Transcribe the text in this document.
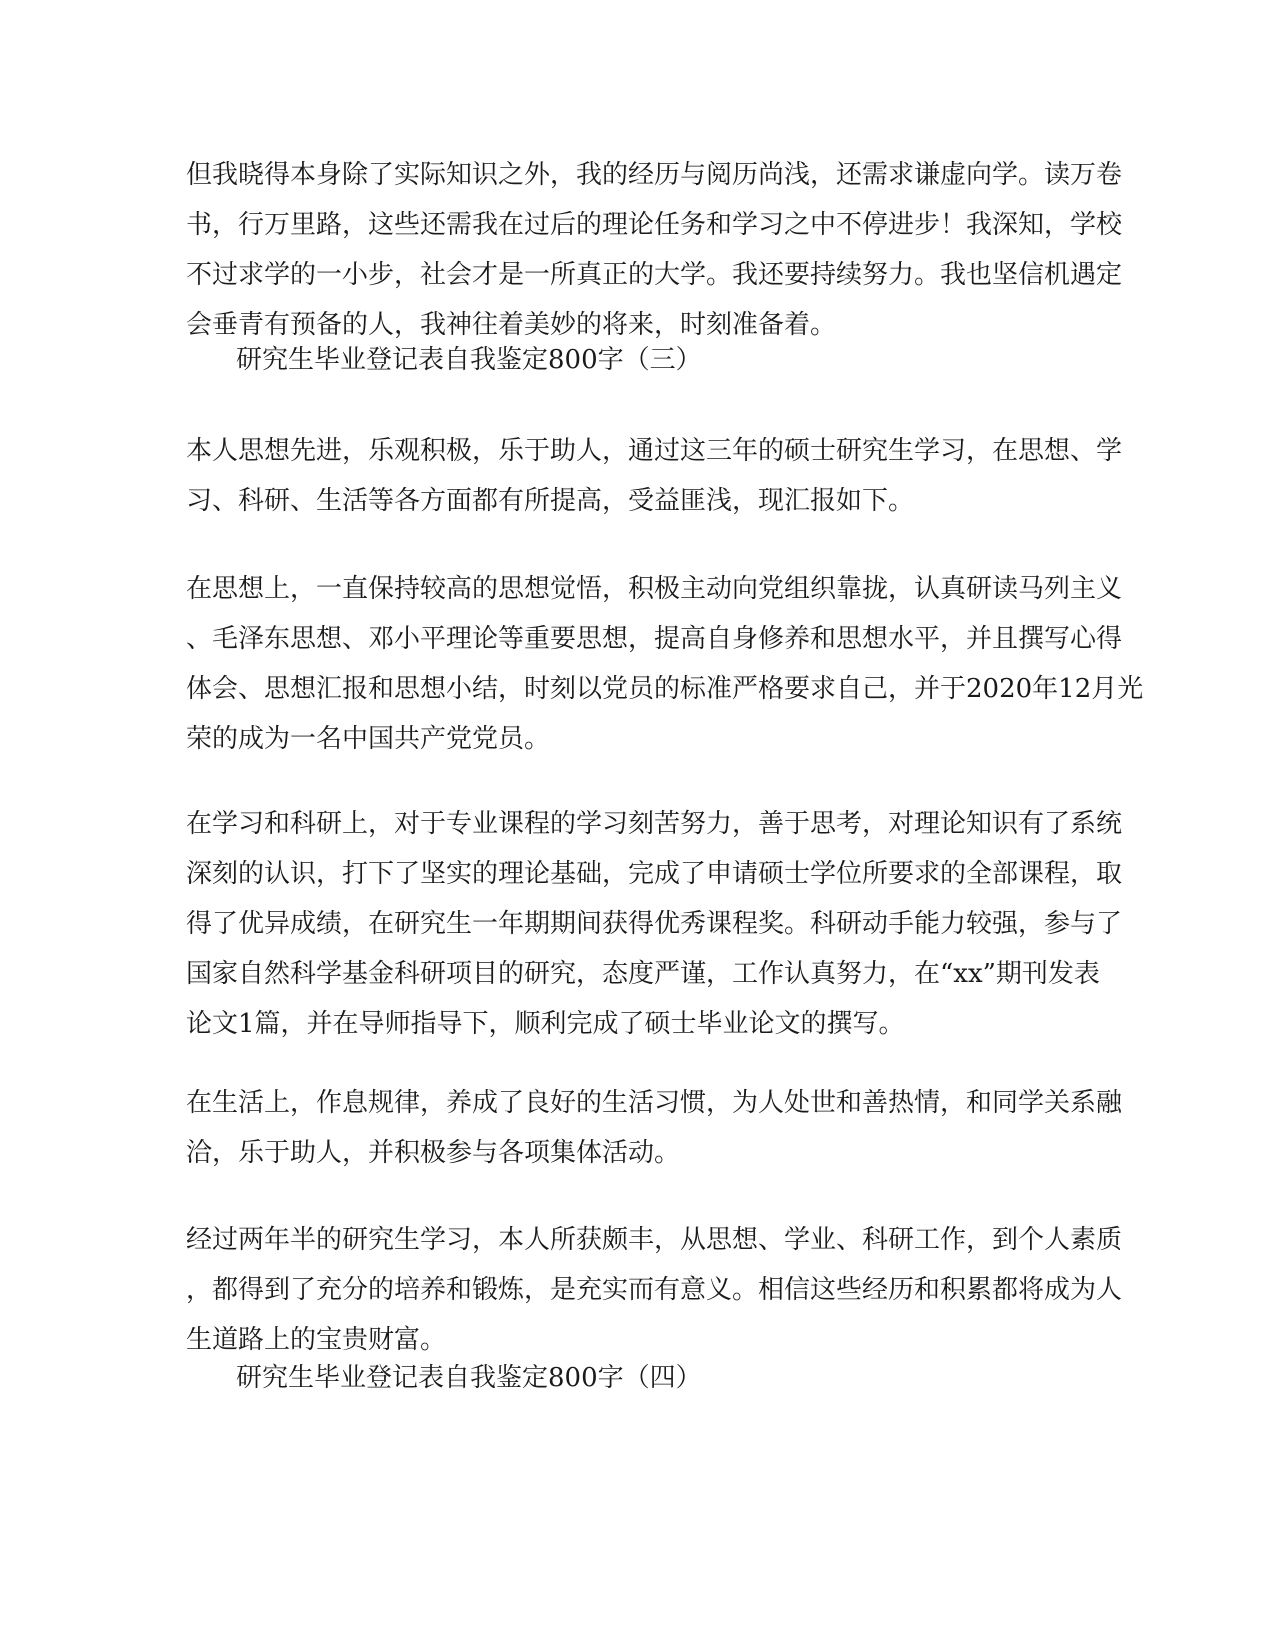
但我晓得本身除了实际知识之外，我的经历与阅历尚浅，还需求谦虚向学。读万卷
书，行万里路，这些还需我在过后的理论任务和学习之中不停进步！我深知，学校
不过求学的一小步，社会才是一所真正的大学。我还要持续努力。我也坚信机遇定
会垂青有预备的人，我神往着美妙的将来，时刻准备着。
研究生毕业登记表自我鉴定800字（三）
本人思想先进，乐观积极，乐于助人，通过这三年的硕士研究生学习，在思想、学
习、科研、生活等各方面都有所提高，受益匪浅，现汇报如下。
在思想上，一直保持较高的思想觉悟，积极主动向党组织靠拢，认真研读马列主义
、毛泽东思想、邓小平理论等重要思想，提高自身修养和思想水平，并且撰写心得
体会、思想汇报和思想小结，时刻以党员的标准严格要求自己，并于2020年12月光
荣的成为一名中国共产党党员。
在学习和科研上，对于专业课程的学习刻苦努力，善于思考，对理论知识有了系统
深刻的认识，打下了坚实的理论基础，完成了申请硕士学位所要求的全部课程，取
得了优异成绩，在研究生一年期期间获得优秀课程奖。科研动手能力较强，参与了
国家自然科学基金科研项目的研究，态度严谨，工作认真努力，在“xx”期刊发表
论文1篇，并在导师指导下，顺利完成了硕士毕业论文的撰写。
在生活上，作息规律，养成了良好的生活习惯，为人处世和善热情，和同学关系融
洽，乐于助人，并积极参与各项集体活动。
经过两年半的研究生学习，本人所获颇丰，从思想、学业、科研工作，到个人素质
，都得到了充分的培养和锻炼，是充实而有意义。相信这些经历和积累都将成为人
生道路上的宝贵财富。
研究生毕业登记表自我鉴定800字（四）
